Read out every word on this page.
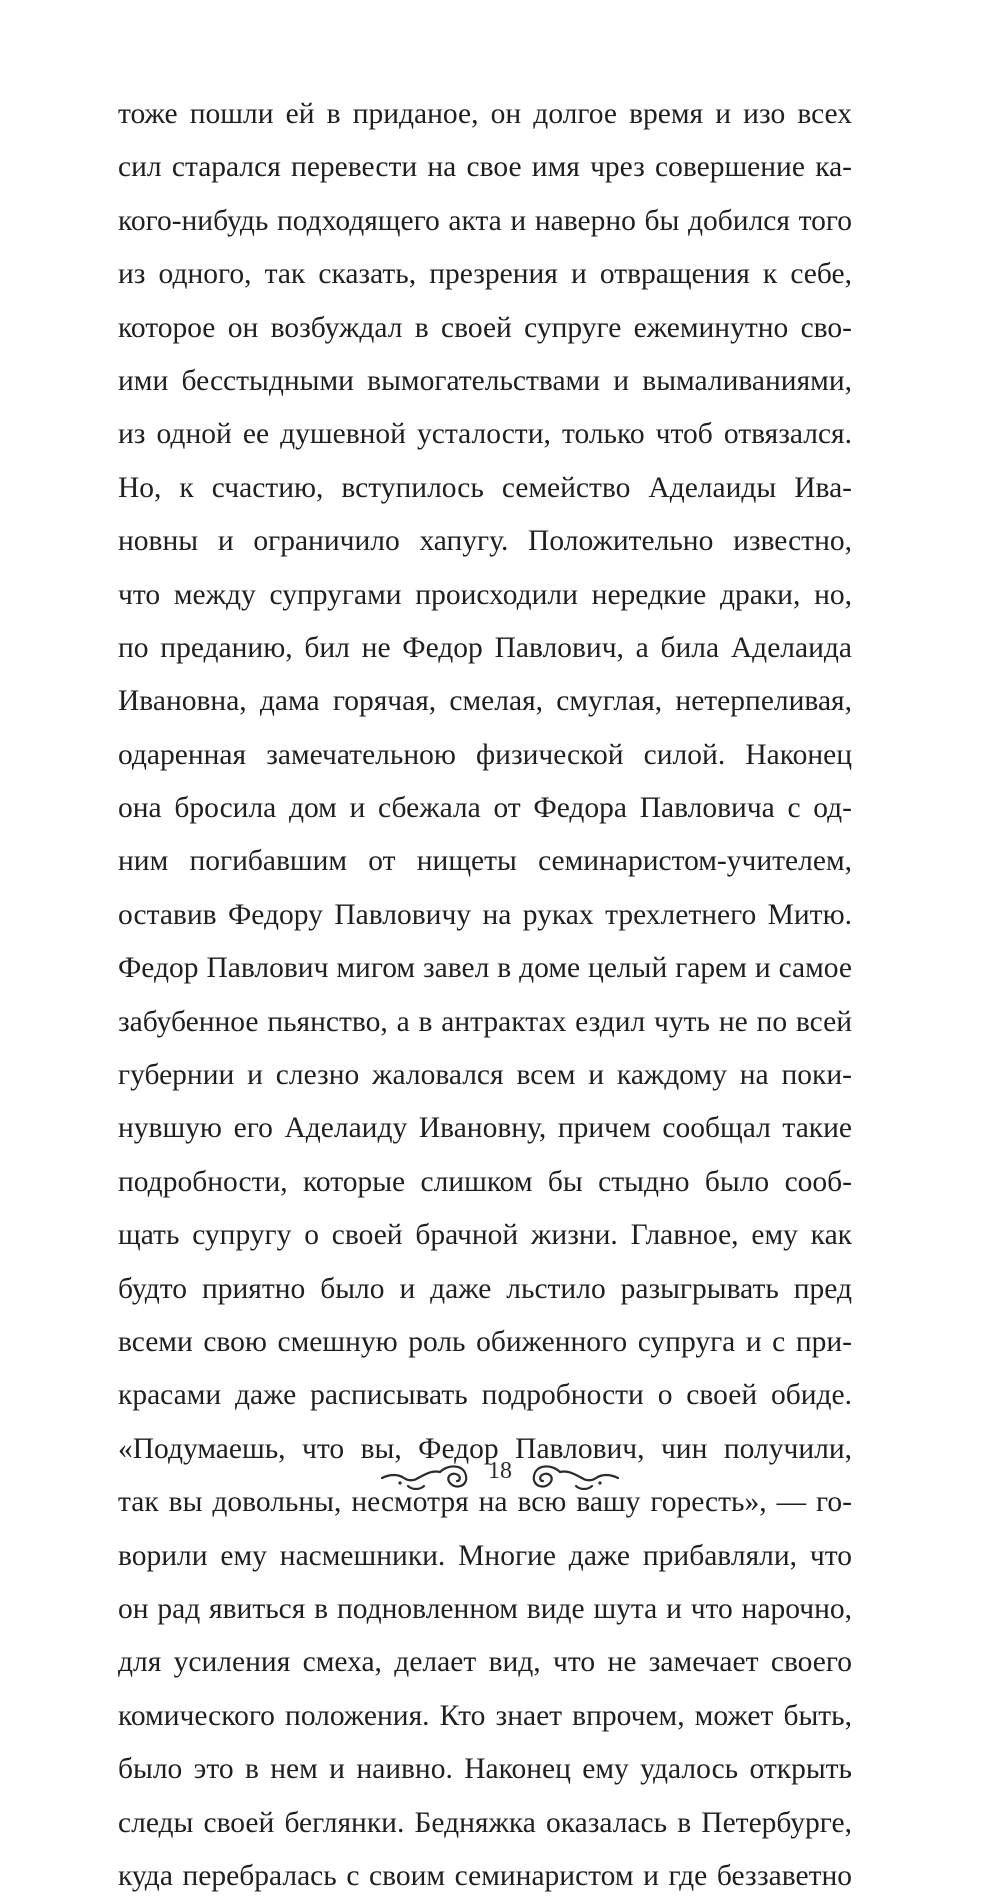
тоже пошли ей в приданое, он долгое время и изо всех
сил старался перевести на свое имя чрез совершение ка-
кого-нибудь подходящего акта и наверно бы добился того
из одного, так сказать, презрения и отвращения к себе,
которое он возбуждал в своей супруге ежеминутно сво-
ими бесстыдными вымогательствами и вымаливаниями,
из одной ее душевной усталости, только чтоб отвязался.
Но, к счастию, вступилось семейство Аделаиды Ива-
новны и ограничило хапугу. Положительно известно,
что между супругами происходили нередкие драки, но,
по преданию, бил не Федор Павлович, а била Аделаида
Ивановна, дама горячая, смелая, смуглая, нетерпеливая,
одаренная замечательною физической силой. Наконец
она бросила дом и сбежала от Федора Павловича с од-
ним погибавшим от нищеты семинаристом-учителем,
оставив Федору Павловичу на руках трехлетнего Митю.
Федор Павлович мигом завел в доме целый гарем и самое
забубенное пьянство, а в антрактах ездил чуть не по всей
губернии и слезно жаловался всем и каждому на поки-
нувшую его Аделаиду Ивановну, причем сообщал такие
подробности, которые слишком бы стыдно было сооб-
щать супругу о своей брачной жизни. Главное, ему как
будто приятно было и даже льстило разыгрывать пред
всеми свою смешную роль обиженного супруга и с при-
красами даже расписывать подробности о своей обиде.
«Подумаешь, что вы, Федор Павлович, чин получили,
так вы довольны, несмотря на всю вашу горесть», — го-
ворили ему насмешники. Многие даже прибавляли, что
он рад явиться в подновленном виде шута и что нарочно,
для усиления смеха, делает вид, что не замечает своего
комического положения. Кто знает впрочем, может быть,
было это в нем и наивно. Наконец ему удалось открыть
следы своей беглянки. Бедняжка оказалась в Петербурге,
куда перебралась с своим семинаристом и где беззаветно
18
